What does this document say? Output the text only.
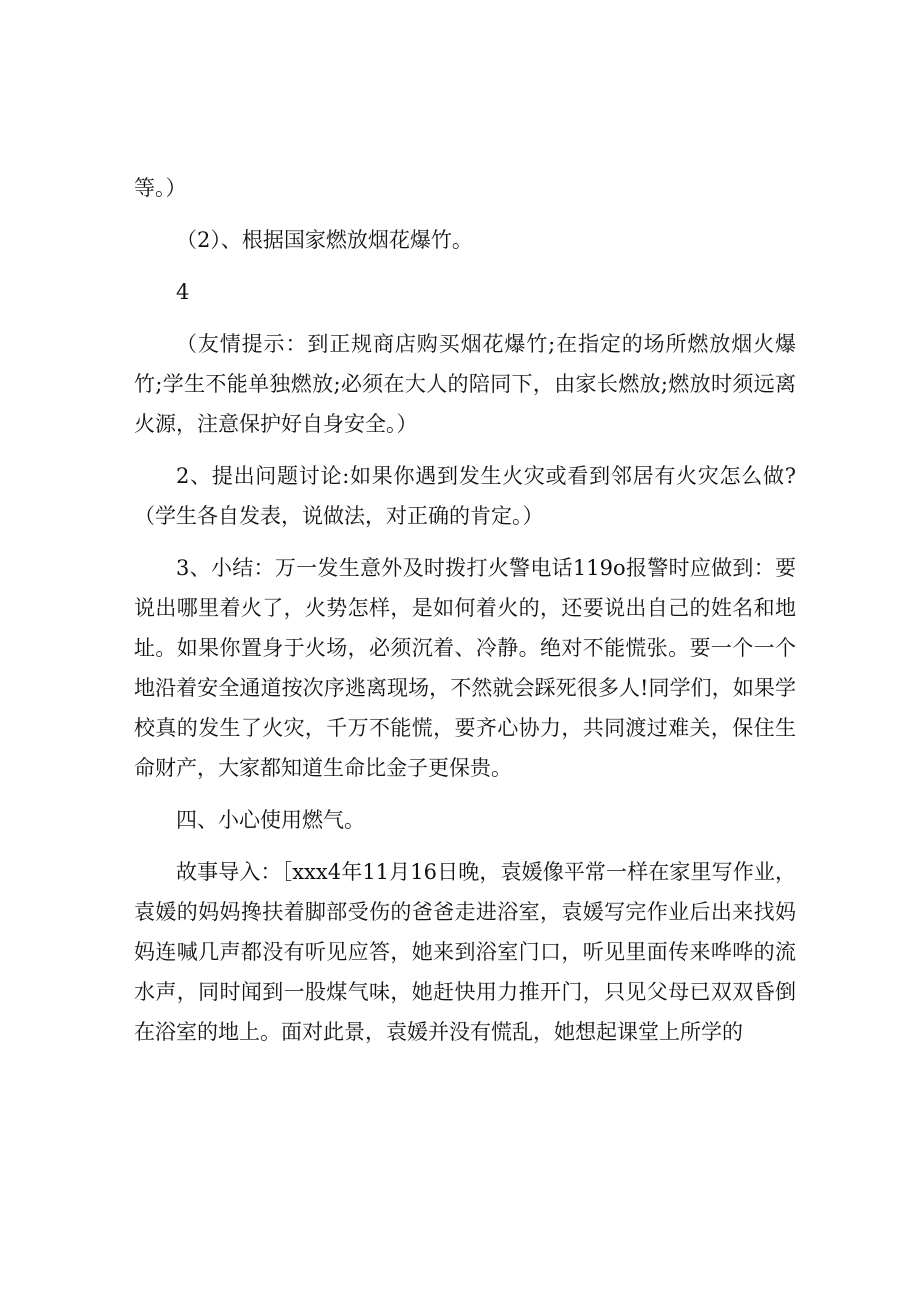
等。）

（2）、根据国家燃放烟花爆竹。

4

（友情提示：到正规商店购买烟花爆竹;在指定的场所燃放烟火爆竹;学生不能单独燃放;必须在大人的陪同下，由家长燃放;燃放时须远离火源，注意保护好自身安全。）

2、提出问题讨论:如果你遇到发生火灾或看到邻居有火灾怎么做?（学生各自发表，说做法，对正确的肯定。）

3、小结：万一发生意外及时拨打火警电话119o报警时应做到：要说出哪里着火了，火势怎样，是如何着火的，还要说出自己的姓名和地址。如果你置身于火场，必须沉着、冷静。绝对不能慌张。要一个一个地沿着安全通道按次序逃离现场，不然就会踩死很多人!同学们，如果学校真的发生了火灾，千万不能慌，要齐心协力，共同渡过难关，保住生命财产，大家都知道生命比金子更保贵。

四、小心使用燃气。

故事导入：［xxx4年11月16日晚，袁媛像平常一样在家里写作业，袁媛的妈妈搀扶着脚部受伤的爸爸走进浴室，袁媛写完作业后出来找妈妈连喊几声都没有听见应答，她来到浴室门口，听见里面传来哗哗的流水声，同时闻到一股煤气味，她赶快用力推开门，只见父母已双双昏倒在浴室的地上。面对此景，袁媛并没有慌乱，她想起课堂上所学的
